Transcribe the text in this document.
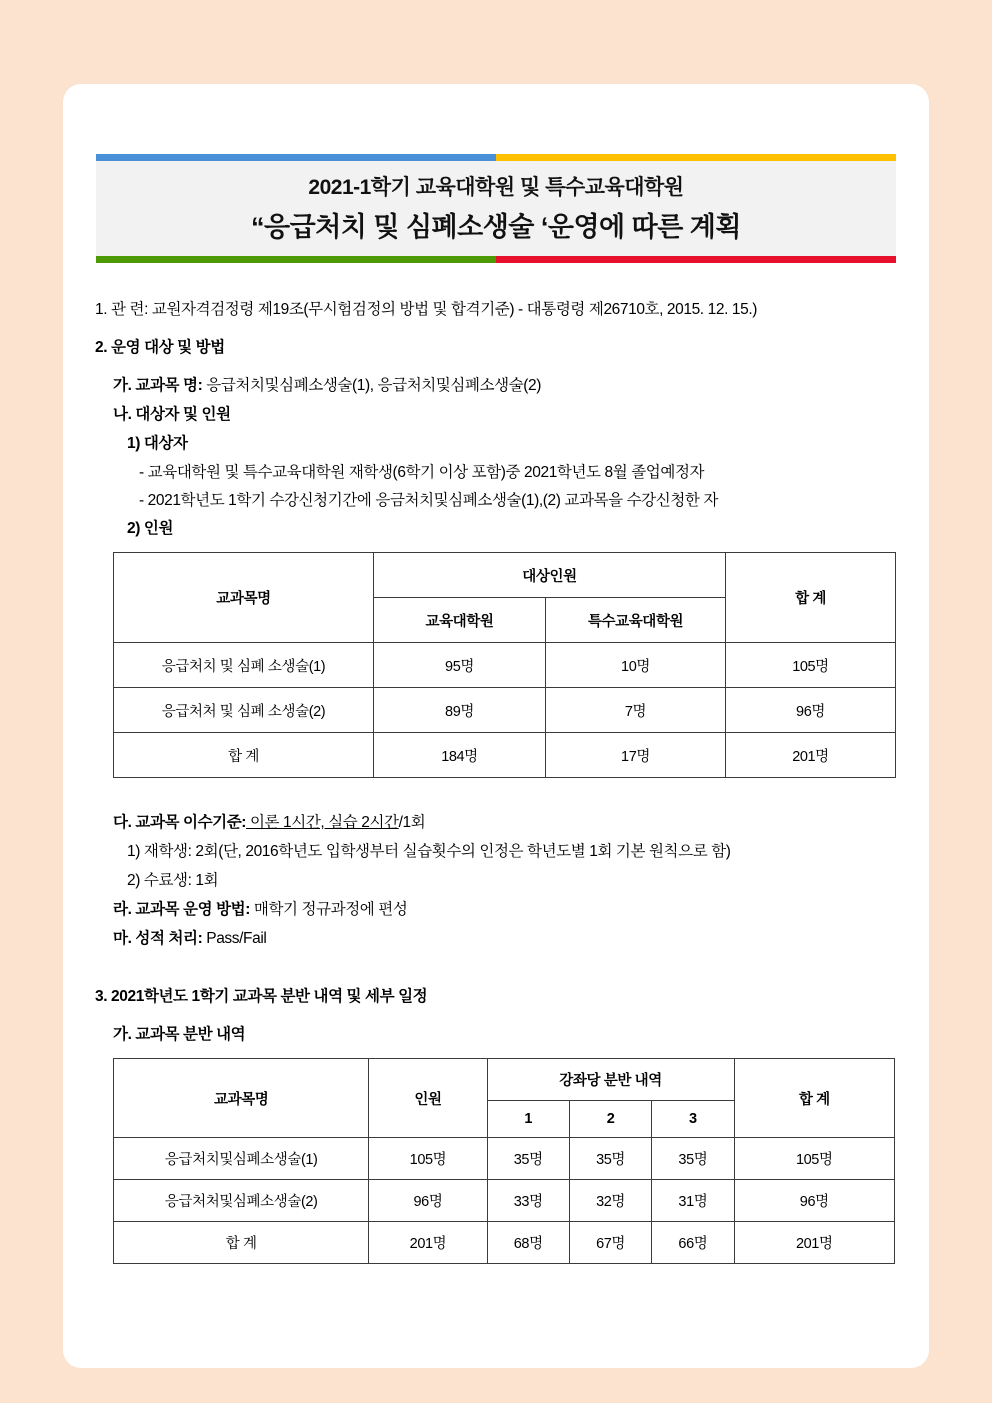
2021-1학기 교육대학원 및 특수교육대학원
“응급처치 및 심폐소생술 ‘운영에 따른 계획

1. 관 련: 교원자격검정령 제19조(무시험검정의 방법 및 합격기준) - 대통령령 제26710호, 2015. 12. 15.)

2. 운영 대상 및 방법

가. 교과목 명: 응급처치및심폐소생술(1), 응급처치및심폐소생술(2)

나. 대상자 및 인원

1) 대상자

- 교육대학원 및 특수교육대학원 재학생(6학기 이상 포함)중 2021학년도 8월 졸업예정자

- 2021학년도 1학기 수강신청기간에 응금처치및심폐소생술(1),(2) 교과목을 수강신청한 자

2) 인원

교과목명	대상인원		합 계
	교육대학원	특수교육대학원	
응급처치 및 심폐 소생술(1)	95명	10명	105명
응급처처 및 심폐 소생술(2)	89명	7명	96명
합 계	184명	17명	201명

다. 교과목 이수기준: 이론 1시간, 실습 2시간/1회

1) 재학생: 2회(단, 2016학년도 입학생부터 실습횟수의 인정은 학년도별 1회 기본 원칙으로 함)

2) 수료생: 1회

라. 교과목 운영 방법: 매학기 정규과정에 편성

마. 성적 처리: Pass/Fail

3. 2021학년도 1학기 교과목 분반 내역 및 세부 일정

가. 교과목 분반 내역

교과목명	인원	강좌당 분반 내역			합 계
		1	2	3	
응급처치및심폐소생술(1)	105명	35명	35명	35명	105명
응급처처및심폐소생술(2)	96명	33명	32명	31명	96명
합 계	201명	68명	67명	66명	201명
